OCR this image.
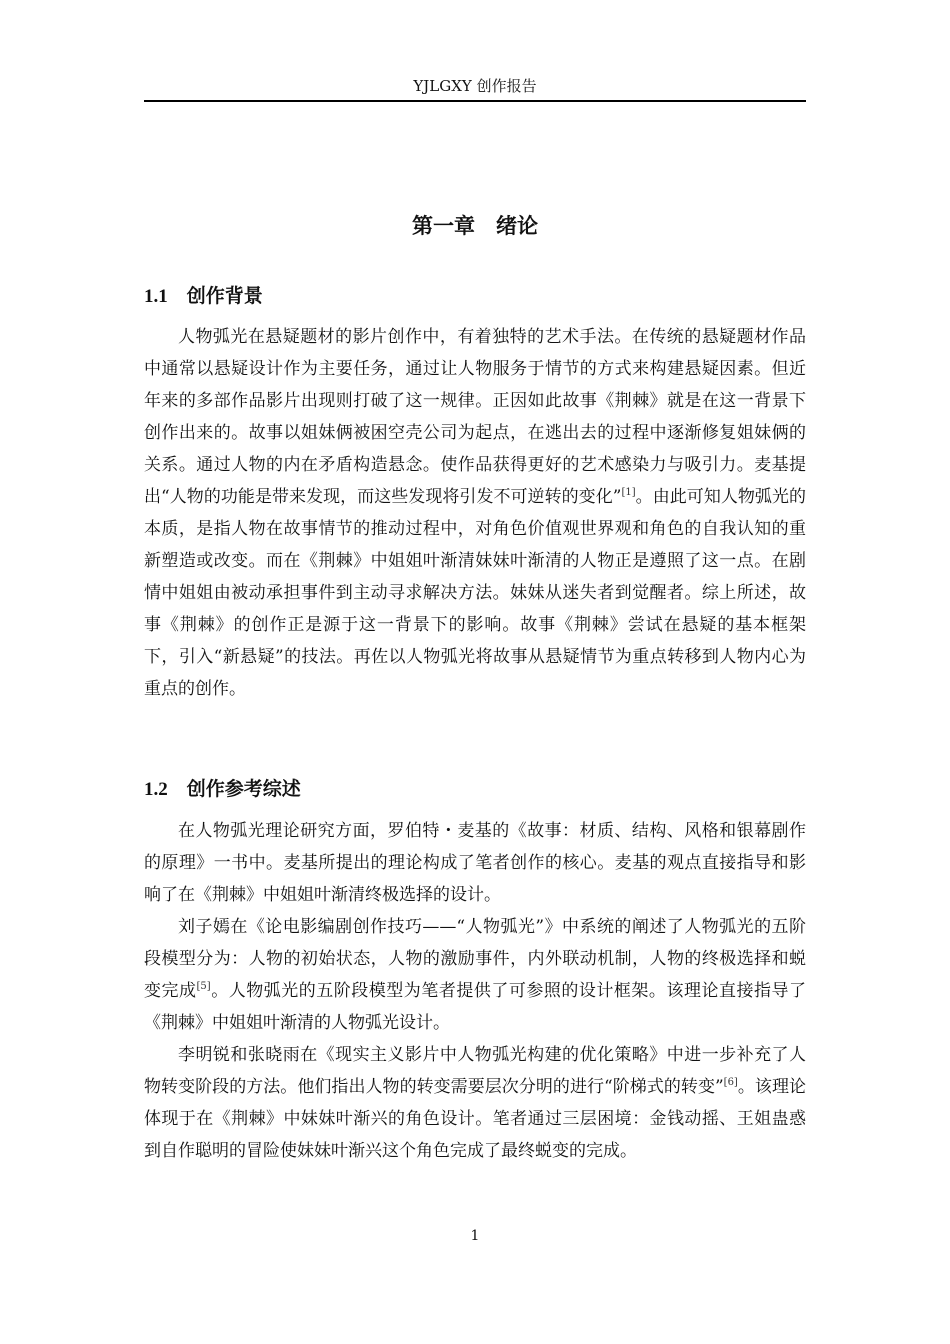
YJLGXY 创作报告
第一章　绪论
1.1　 创作背景

人物弧光在悬疑题材的影片创作中，有着独特的艺术手法。在传统的悬疑题材作品中通常以悬疑设计作为主要任务，通过让人物服务于情节的方式来构建悬疑因素。但近年来的多部作品影片出现则打破了这一规律。正因如此故事《荆棘》就是在这一背景下创作出来的。故事以姐妹俩被困空壳公司为起点，在逃出去的过程中逐渐修复姐妹俩的关系。通过人物的内在矛盾构造悬念。使作品获得更好的艺术感染力与吸引力。麦基提出“人物的功能是带来发现，而这些发现将引发不可逆转的变化”[1]。由此可知人物弧光的本质，是指人物在故事情节的推动过程中，对角色价值观世界观和角色的自我认知的重新塑造或改变。而在《荆棘》中姐姐叶渐清妹妹叶渐清的人物正是遵照了这一点。在剧情中姐姐由被动承担事件到主动寻求解决方法。妹妹从迷失者到觉醒者。综上所述，故事《荆棘》的创作正是源于这一背景下的影响。故事《荆棘》尝试在悬疑的基本框架下，引入“新悬疑”的技法。再佐以人物弧光将故事从悬疑情节为重点转移到人物内心为重点的创作。

1.2　 创作参考综述

在人物弧光理论研究方面，罗伯特・麦基的《故事：材质、结构、风格和银幕剧作的原理》一书中。麦基所提出的理论构成了笔者创作的核心。麦基的观点直接指导和影响了在《荆棘》中姐姐叶渐清终极选择的设计。

刘子嫣在《论电影编剧创作技巧——“人物弧光”》中系统的阐述了人物弧光的五阶段模型分为：人物的初始状态，人物的激励事件，内外联动机制，人物的终极选择和蜕变完成[5]。人物弧光的五阶段模型为笔者提供了可参照的设计框架。该理论直接指导了《荆棘》中姐姐叶渐清的人物弧光设计。

李明锐和张晓雨在《现实主义影片中人物弧光构建的优化策略》中进一步补充了人物转变阶段的方法。他们指出人物的转变需要层次分明的进行“阶梯式的转变”[6]。该理论体现于在《荆棘》中妹妹叶渐兴的角色设计。笔者通过三层困境：金钱动摇、王姐蛊惑到自作聪明的冒险使妹妹叶渐兴这个角色完成了最终蜕变的完成。

1
